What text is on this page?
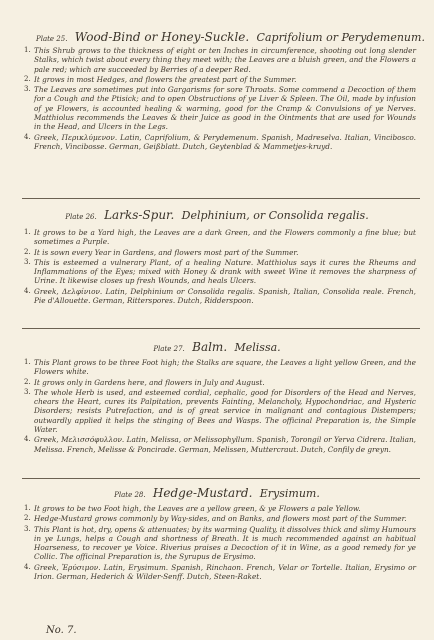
Plate 25. Wood-Bind or Honey-Suckle. Caprifolium or Perydemenum.
1. This Shrub grows to the thickness of eight or ten Inches in circumference, shooting out long slender Stalks, which twist about every thing they meet with; the Leaves are a bluish green, and the Flowers a pale red; which are succeeded by Berries of a deeper Red.
2. It grows in most Hedges, and flowers the greatest part of the Summer.
3. The Leaves are sometimes put into Gargarisms for sore Throats. Some commend a Decoction of them for a Cough and the Ptisick; and to open Obstructions of ye Liver & Spleen. The Oil, made by infusion of ye Flowers, is accounted healing & warming, good for the Cramp & Convulsions of ye Nerves. Matthiolus recommends the Leaves & their Juice as good in the Ointments that are used for Wounds in the Head, and Ulcers in the Legs.
4. Greek, Περικλύμενον. Latin, Caprifolium, & Perydemenum. Spanish, Madreselva. Italian, Vincibosco. French, Vincibosse. German, Geißblatt. Dutch, Geytenblad & Mammetjes-kruyd.
Plate 26. Larks-Spur. Delphinium, or Consolida regalis.
1. It grows to be a Yard high, the Leaves are a dark Green, and the Flowers commonly a fine blue; but sometimes a Purple.
2. It is sown every Year in Gardens, and flowers most part of the Summer.
3. This is esteemed a vulnerary Plant, of a healing Nature. Matthiolus says it cures the Rheums and Inflammations of the Eyes; mixed with Honey & drank with sweet Wine it removes the sharpness of Urine. It likewise closes up fresh Wounds, and heals Ulcers.
4. Greek, Δελφίνιον. Latin, Delphinium or Consolida regalis. Spanish, Italian, Consolida reale. French, Pie d'Allouette. German, Ritterspores. Dutch, Ridderspoon.
Plate 27. Balm. Melissa.
1. This Plant grows to be three Foot high; the Stalks are square, the Leaves a light yellow Green, and the Flowers white.
2. It grows only in Gardens here, and flowers in July and August.
3. The whole Herb is used, and esteemed cordial, cephalic, good for Disorders of the Head and Nerves, chears the Heart, cures its Palpitation, prevents Fainting, Melancholy, Hypochondriac, and Hysteric Disorders; resists Putrefaction, and is of great service in malignant and contagious Distempers; outwardly applied it helps the stinging of Bees and Wasps. The officinal Preparation is, the Simple Water.
4. Greek, Μελισσόφυλλον. Latin, Melissa, or Melissophyllum. Spanish, Torongil or Yerva Cidrera. Italian, Melissa. French, Melisse & Poncirade. German, Melissen, Muttercraut. Dutch, Confily de greyn.
Plate 28. Hedge-Mustard. Erysimum.
1. It grows to be two Foot high, the Leaves are a yellow green, & ye Flowers a pale Yellow.
2. Hedge-Mustard grows commonly by Way-sides, and on Banks, and flowers most part of the Summer.
3. This Plant is hot, dry, opens & attenuates; by its warming Quality, it dissolves thick and slimy Humours in ye Lungs, helps a Cough and shortness of Breath. It is much recommended against an habitual Hoarseness, to recover ye Voice. Riverius praises a Decoction of it in Wine, as a good remedy for ye Collic. The officinal Preparation is, the Syrupus de Erysimo.
4. Greek, Ἐρύσιμον. Latin, Erysimum. Spanish, Rinchaon. French, Velar or Tortelle. Italian, Erysimo or Irion. German, Hederich & Wilder-Senff. Dutch, Steen-Raket.
No. 7.
